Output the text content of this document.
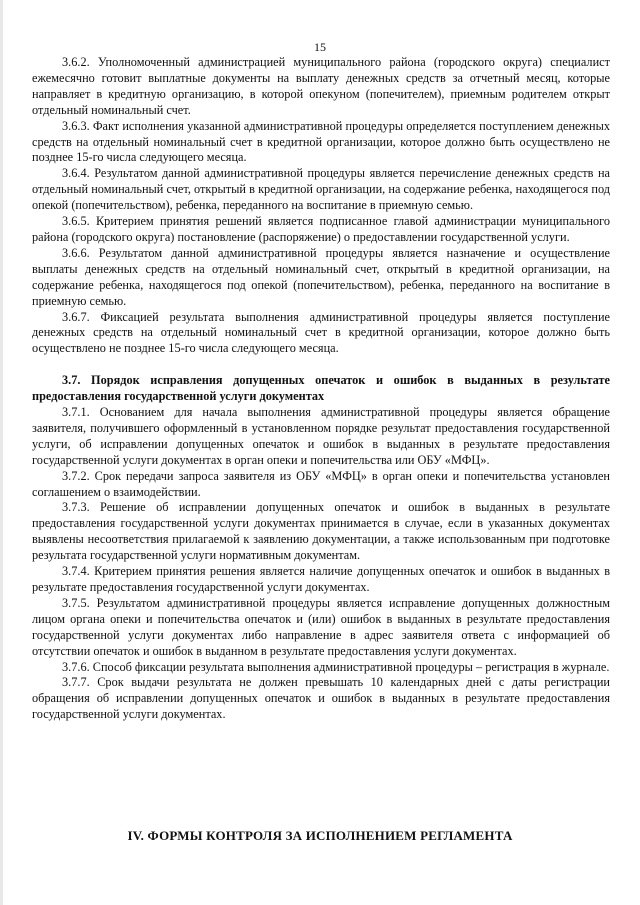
15

3.6.2. Уполномоченный администрацией муниципального района (городского округа) специалист ежемесячно готовит выплатные документы на выплату денежных средств за отчетный месяц, которые направляет в кредитную организацию, в которой опекуном (попечителем), приемным родителем открыт отдельный номинальный счет.

3.6.3. Факт исполнения указанной административной процедуры определяется поступлением денежных средств на отдельный номинальный счет в кредитной организации, которое должно быть осуществлено не позднее 15-го числа следующего месяца.

3.6.4. Результатом данной административной процедуры является перечисление денежных средств на отдельный номинальный счет, открытый в кредитной организации, на содержание ребенка, находящегося под опекой (попечительством), ребенка, переданного на воспитание в приемную семью.

3.6.5. Критерием принятия решений является подписанное главой администрации муниципального района (городского округа) постановление (распоряжение) о предоставлении государственной услуги.

3.6.6. Результатом данной административной процедуры является назначение и осуществление выплаты денежных средств на отдельный номинальный счет, открытый в кредитной организации, на содержание ребенка, находящегося под опекой (попечительством), ребенка, переданного на воспитание в приемную семью.

3.6.7. Фиксацией результата выполнения административной процедуры является поступление денежных средств на отдельный номинальный счет в кредитной организации, которое должно быть осуществлено не позднее 15-го числа следующего месяца.

3.7. Порядок исправления допущенных опечаток и ошибок в выданных в результате предоставления государственной услуги документах

3.7.1. Основанием для начала выполнения административной процедуры является обращение заявителя, получившего оформленный в установленном порядке результат предоставления государственной услуги, об исправлении допущенных опечаток и ошибок в выданных в результате предоставления государственной услуги документах в орган опеки и попечительства или ОБУ «МФЦ».

3.7.2. Срок передачи запроса заявителя из ОБУ «МФЦ» в орган опеки и попечительства установлен соглашением о взаимодействии.

3.7.3. Решение об исправлении допущенных опечаток и ошибок в выданных в результате предоставления государственной услуги документах принимается в случае, если в указанных документах выявлены несоответствия прилагаемой к заявлению документации, а также использованным при подготовке результата государственной услуги нормативным документам.

3.7.4. Критерием принятия решения является наличие допущенных опечаток и ошибок в выданных в результате предоставления государственной услуги документах.

3.7.5. Результатом административной процедуры является исправление допущенных должностным лицом органа опеки и попечительства опечаток и (или) ошибок в выданных в результате предоставления государственной услуги документах либо направление в адрес заявителя ответа с информацией об отсутствии опечаток и ошибок в выданном в результате предоставления услуги документах.

3.7.6. Способ фиксации результата выполнения административной процедуры – регистрация в журнале.

3.7.7. Срок выдачи результата не должен превышать 10 календарных дней с даты регистрации обращения об исправлении допущенных опечаток и ошибок в выданных в результате предоставления государственной услуги документах.

IV. ФОРМЫ КОНТРОЛЯ ЗА ИСПОЛНЕНИЕМ РЕГЛАМЕНТА
